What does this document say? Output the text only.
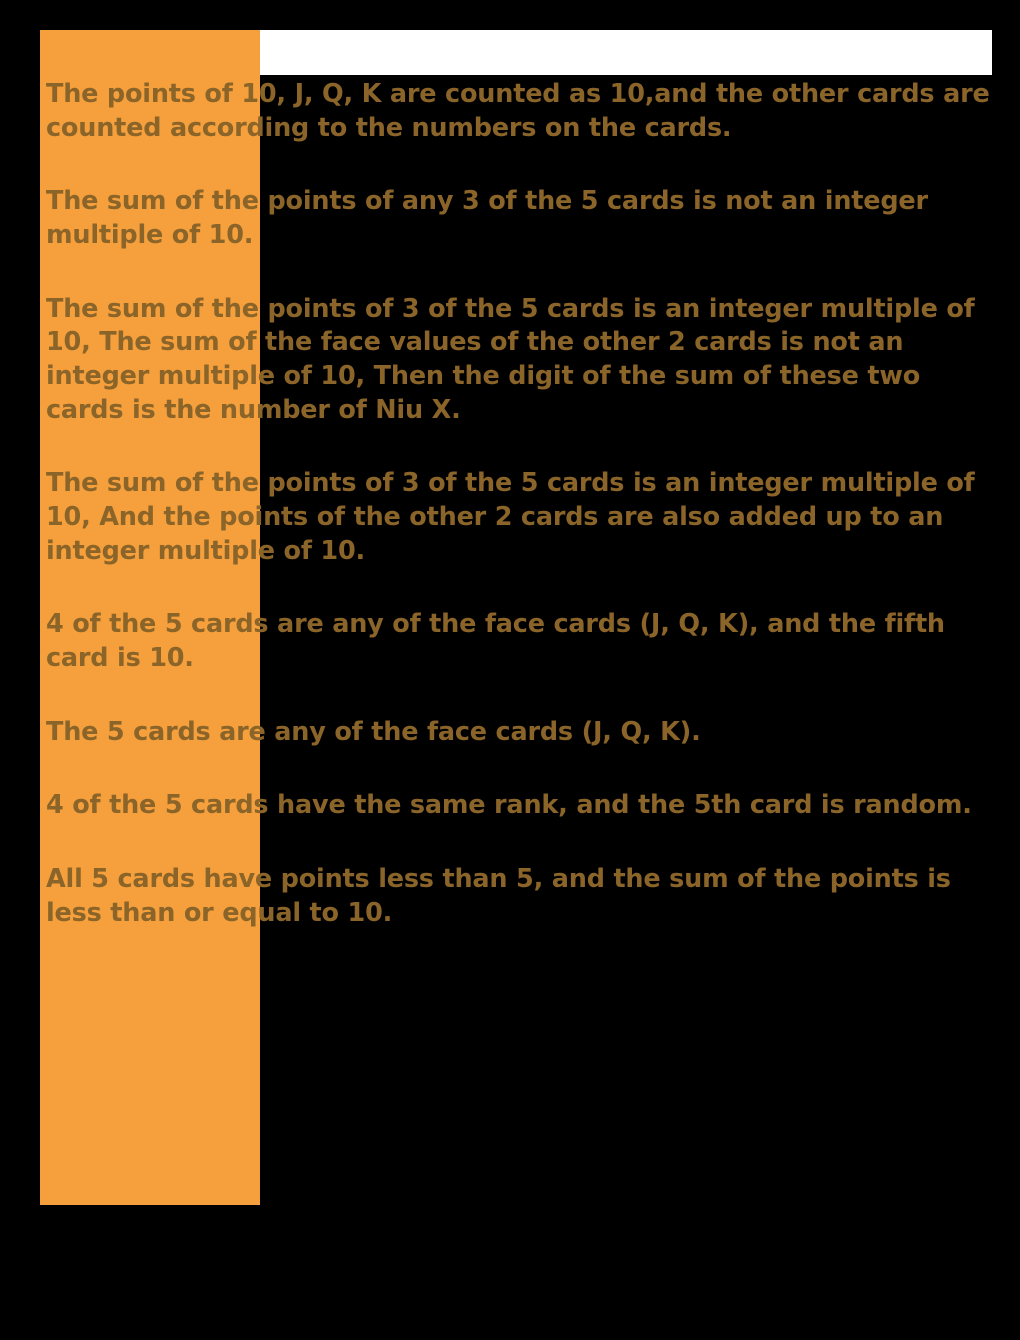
The points of 10, J, Q, K are counted as 10,and the other cards are counted according to the numbers on the cards.

The sum of the points of any 3 of the 5 cards is not an integer multiple of 10.

The sum of the points of 3 of the 5 cards is an integer multiple of 10, The sum of the face values of the other 2 cards is not an integer multiple of 10, Then the digit of the sum of these two cards is the number of Niu X.

The sum of the points of 3 of the 5 cards is an integer multiple of 10, And the points of the other 2 cards are also added up to an integer multiple of 10.

4 of the 5 cards are any of the face cards (J, Q, K), and the fifth card is 10.

The 5 cards are any of the face cards (J, Q, K).

4 of the 5 cards have the same rank, and the 5th card is random.

All 5 cards have points less than 5, and the sum of the points is less than or equal to 10.
